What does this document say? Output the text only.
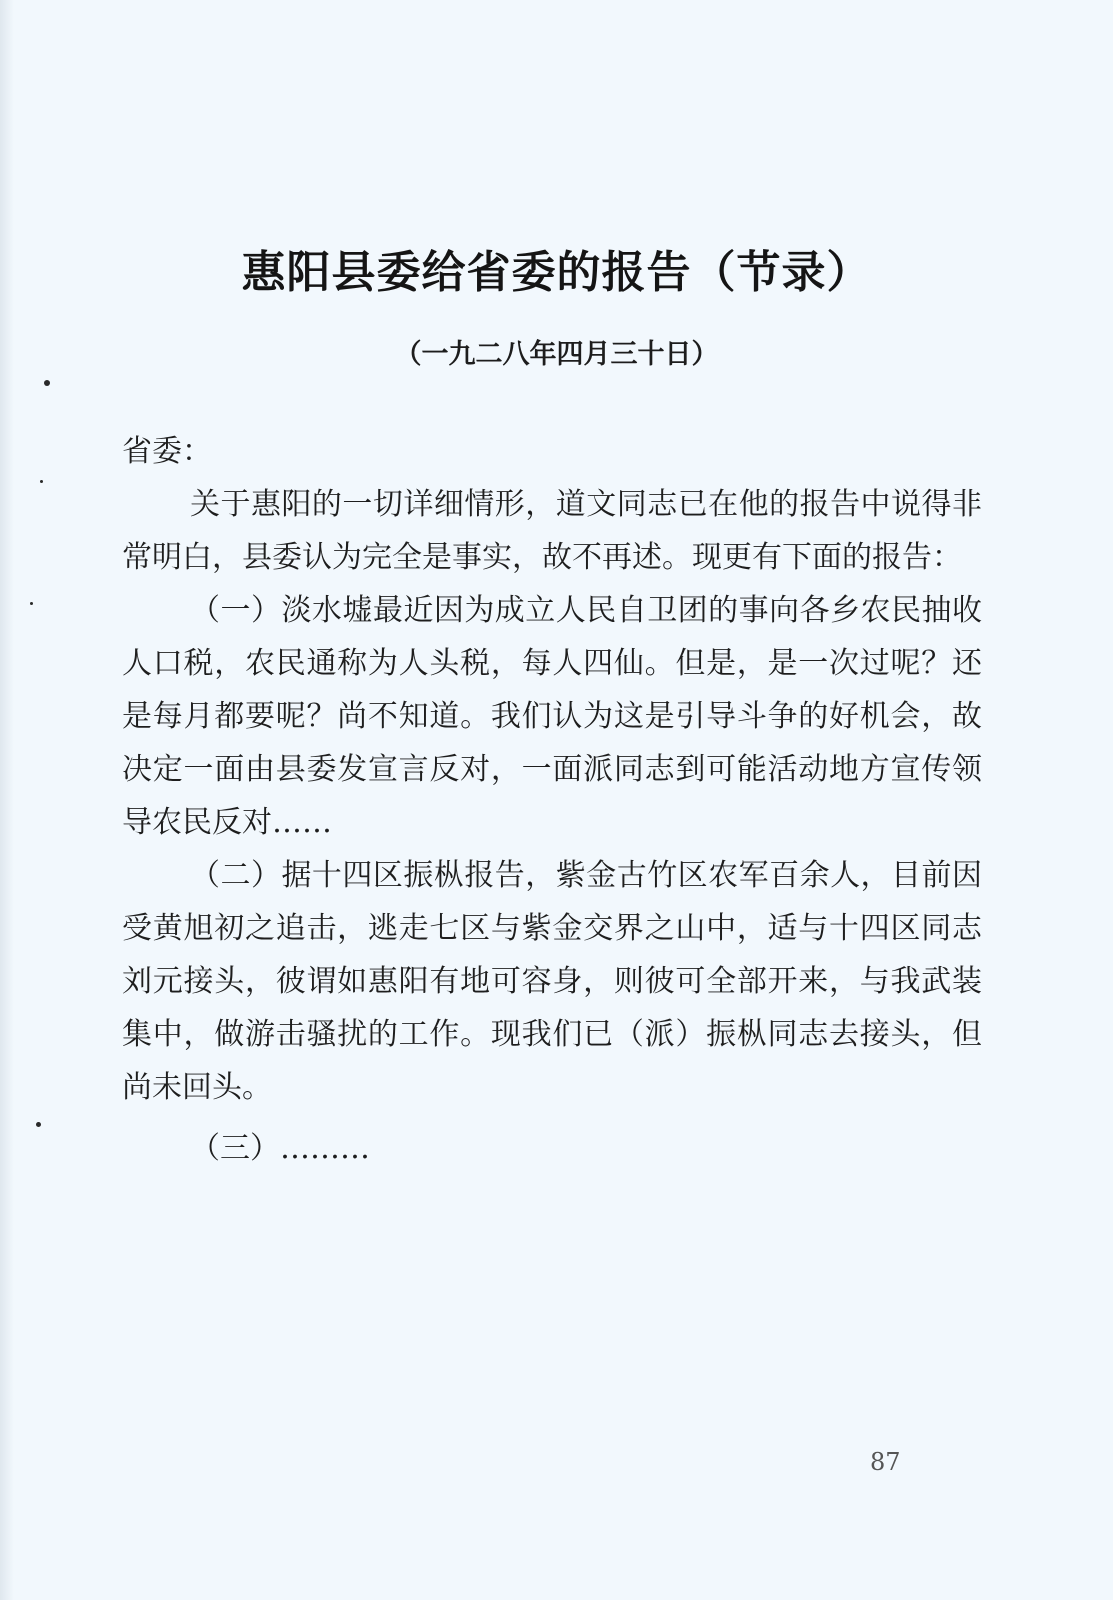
惠阳县委给省委的报告（节录）
（一九二八年四月三十日）

省委：

关于惠阳的一切详细情形，道文同志已在他的报告中说得非常明白，县委认为完全是事实，故不再述。现更有下面的报告：

（一）淡水墟最近因为成立人民自卫团的事向各乡农民抽收人口税，农民通称为人头税，每人四仙。但是，是一次过呢？还是每月都要呢？尚不知道。我们认为这是引导斗争的好机会，故决定一面由县委发宣言反对，一面派同志到可能活动地方宣传领导农民反对……

（二）据十四区振枞报告，紫金古竹区农军百余人，目前因受黄旭初之追击，逃走七区与紫金交界之山中，适与十四区同志刘元接头，彼谓如惠阳有地可容身，则彼可全部开来，与我武装集中，做游击骚扰的工作。现我们已（派）振枞同志去接头，但尚未回头。

（三）………

87
